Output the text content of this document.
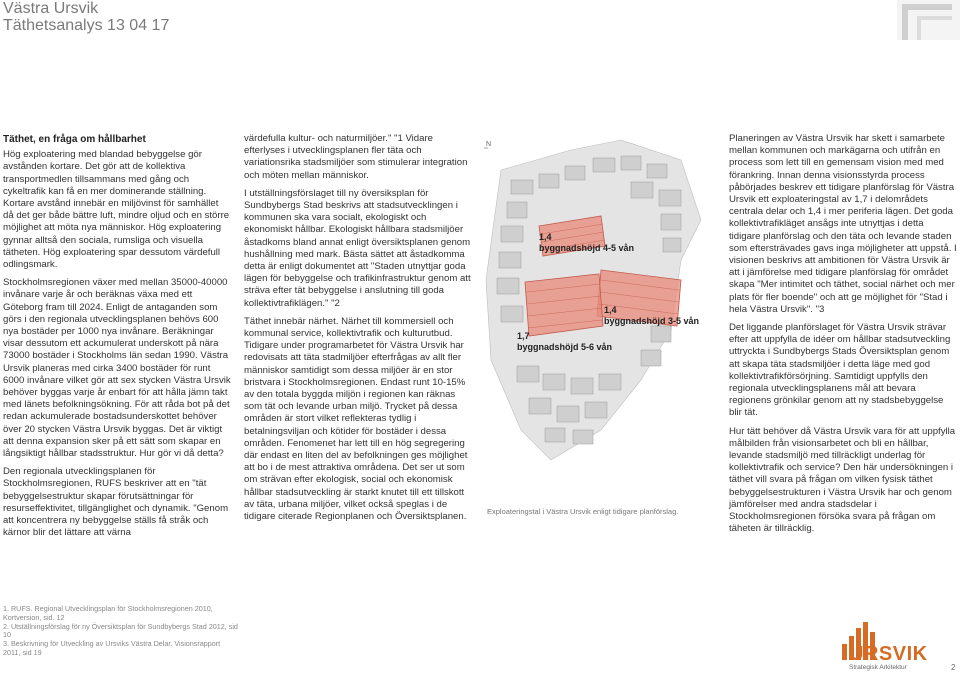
Västra Ursvik
Täthetsanalys 13 04 17

Täthet, en fråga om hållbarhet

Hög exploatering med blandad bebyggelse gör avstånden kortare. Det gör att de kollektiva transportmedlen tillsammans med gång och cykeltrafik kan få en mer dominerande ställning. Kortare avstånd innebär en miljövinst för samhället då det ger både bättre luft, mindre oljud och en större möjlighet att möta nya människor. Hög exploatering gynnar alltså den sociala, rumsliga och visuella tätheten. Hög exploatering spar dessutom värdefull odlingsmark.

Stockholmsregionen växer med mellan 35000-40000 invånare varje år och beräknas växa med ett Göteborg fram till 2024. Enligt de antaganden som görs i den regionala utvecklingsplanen behövs 600 nya bostäder per 1000 nya invånare. Beräkningar visar dessutom ett ackumulerat underskott på nära 73000 bostäder i Stockholms län sedan 1990. Västra Ursvik planeras med cirka 3400 bostäder för runt 6000 invånare vilket gör att sex stycken Västra Ursvik behöver byggas varje år enbart för att hålla jämn takt med länets befolkningsökning. För att råda bot på det redan ackumulerade bostadsunderskottet behöver över 20 stycken Västra Ursvik byggas. Det är viktigt att denna expansion sker på ett sätt som skapar en långsiktigt hållbar stadsstruktur. Hur gör vi då detta?

Den regionala utvecklingsplanen för Stockholmsregionen, RUFS beskriver att en "tät bebyggelsestruktur skapar förutsättningar för resurseffektivitet, tillgänglighet och dynamik. "Genom att koncentrera ny bebyggelse ställs få stråk och kärnor blir det lättare att värna

värdefulla kultur- och naturmiljöer." "1 Vidare efterlyses i utvecklingsplanen fler täta och variationsrika stadsmiljöer som stimulerar integration och möten mellan människor.

I utställningsförslaget till ny översiksplan för Sundbybergs Stad beskrivs att stadsutvecklingen i kommunen ska vara socialt, ekologiskt och ekonomiskt hållbar. Ekologiskt hållbara stadsmiljöer åstadkoms bland annat enligt översiktsplanen genom hushållning med mark. Bästa sättet att åstadkomma detta är enligt dokumentet att "Staden utnyttjar goda lägen för bebyggelse och trafikinfrastruktur genom att sträva efter tät bebyggelse i anslutning till goda kollektivtrafiklägen." "2

Täthet innebär närhet. Närhet till kommersiell och kommunal service, kollektivtrafik och kulturutbud. Tidigare under programarbetet för Västra Ursvik har redovisats att täta stadmiljöer efterfrågas av allt fler människor samtidigt som dessa miljöer är en stor bristvara i Stockholmsregionen. Endast runt 10-15% av den totala byggda miljön i regionen kan räknas som tät och levande urban miljö. Trycket på dessa områden är stort vilket reflekteras tydlig i betalningsviljan och kötider för bostäder i dessa områden. Fenomenet har lett till en hög segregering där endast en liten del av befolkningen ges möjlighet att bo i de mest attraktiva områdena. Det ser ut som om strävan efter ekologisk, social och ekonomisk hållbar stadsutveckling är starkt knutet till ett tillskott av täta, urbana miljöer, vilket också speglas i de tidigare citerade Regionplanen och Översiktsplanen.

N
1,4
byggnadshöjd 4-5 vån
1,4
byggnadshöjd 3-5 vån
1,7
byggnadshöjd 5-6 vån
Exploateringstal i Västra Ursvik enligt tidigare planförslag.

Planeringen av Västra Ursvik har skett i samarbete mellan kommunen och markägarna och utifrån en process som lett till en gemensam vision med med förankring. Innan denna visionsstyrda process påbörjades beskrev ett tidigare planförslag för Västra Ursvik ett exploateringstal av 1,7 i delområdets centrala delar och 1,4 i mer periferia lägen. Det goda kollektivtrafikläget ansågs inte utnyttjas i detta tidigare planförslag och den täta och levande staden som eftersträvades gavs inga möjligheter att uppstå. I visionen beskrivs att ambitionen för Västra Ursvik är att i jämförelse med tidigare planförslag för området skapa "Mer intimitet och täthet, social närhet och mer plats för fler boende" och att ge möjlighet för "Stad i hela Västra Ursvik". "3

Det liggande planförslaget för Västra Ursvik strävar efter att uppfylla de idéer om hållbar stadsutveckling uttryckta i Sundbybergs Stads Översiktsplan genom att skapa täta stadsmiljöer i detta läge med god kollektivtrafikförsörjning. Samtidigt uppfylls den regionala utvecklingsplanens mål att bevara regionens grönkilar genom att ny stadsbebyggelse blir tät.

Hur tätt behöver då Västra Ursvik vara för att uppfylla målbilden från visionsarbetet och bli en hållbar, levande stadsmiljö med tillräckligt underlag för kollektivtrafik och service? Den här undersökningen i täthet vill svara på frågan om vilken fysisk täthet bebyggelsestrukturen i Västra Ursvik har och genom jämförelser med andra stadsdelar i Stockholmsregionen försöka svara på frågan om täheten är tillräcklig.

1. RUFS. Regional Utvecklingsplan för Stockholmsregionen 2010, Kortversion, sid. 12
2. Utställningsförslag för ny Översiktsplan för Sundbybergs Stad 2012, sid 10
3. Beskrivning för Utveckling av Ursviks Västra Delar. Visionsrapport 2011, sid 19	URSVIK
Strategisk Arkitektur	2
